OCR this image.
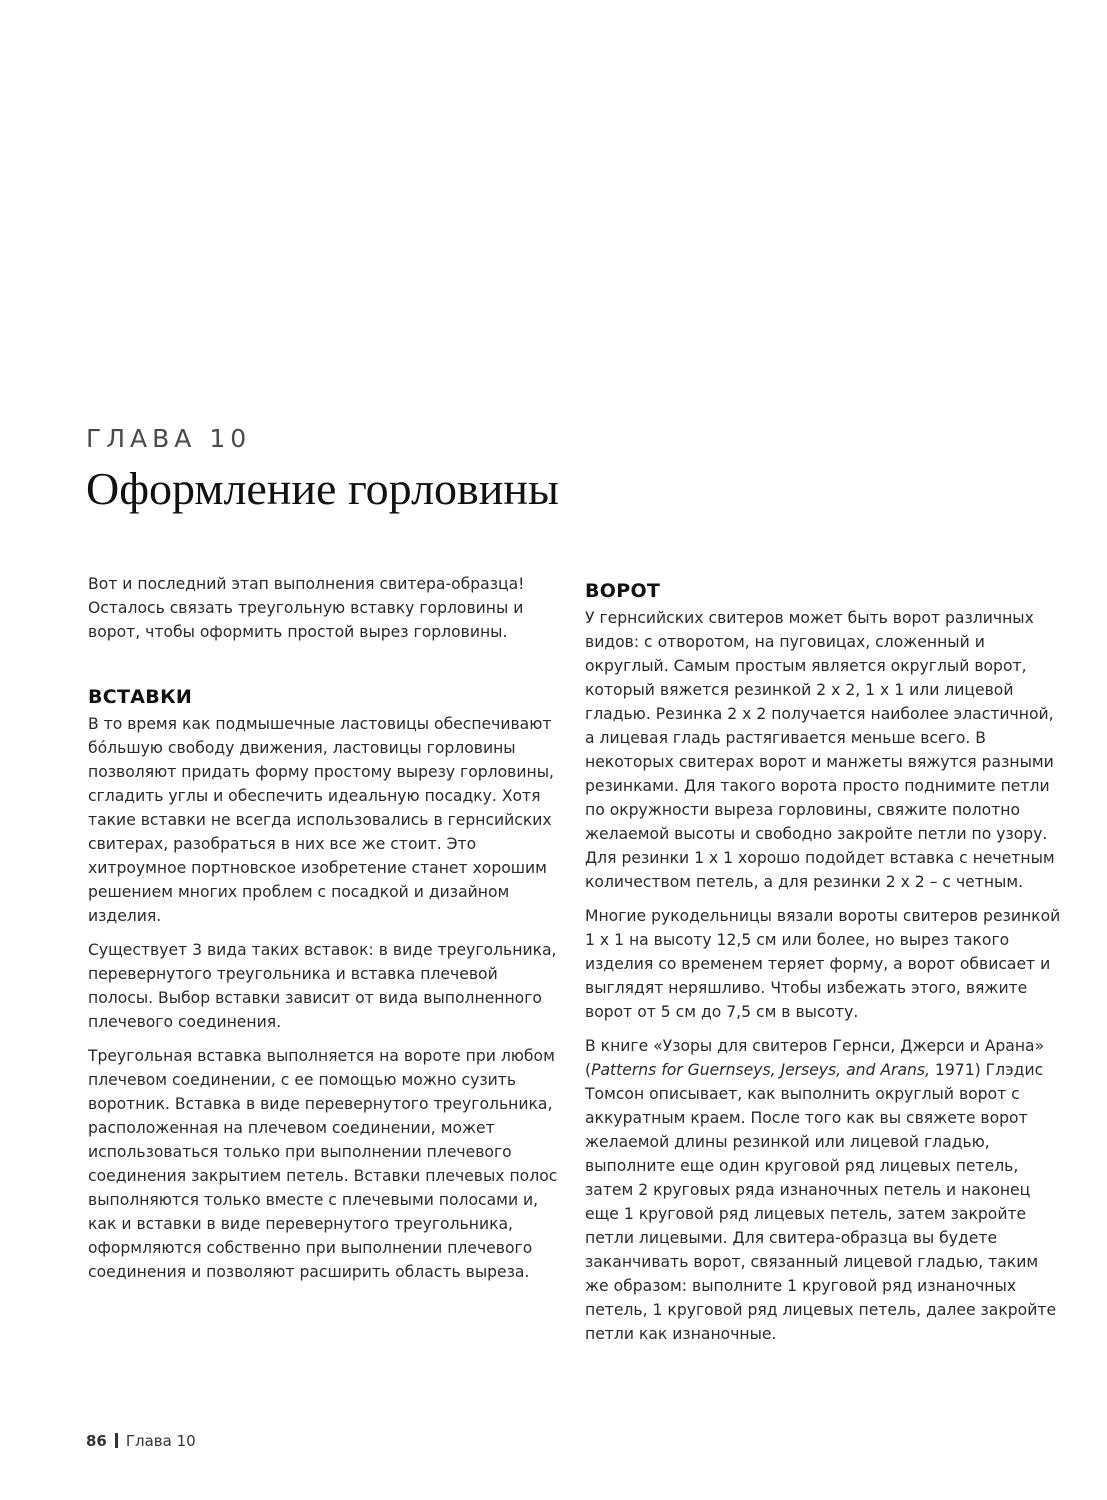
ГЛАВА 10
Оформление горловины

Вот и последний этап выполнения свитера-образца! Осталось связать треугольную вставку горловины и ворот, чтобы оформить простой вырез горловины.

ВСТАВКИ

В то время как подмышечные ластовицы обеспечивают бóльшую свободу движения, ластовицы горловины позволяют придать форму простому вырезу горловины, сгладить углы и обеспечить идеальную посадку. Хотя такие вставки не всегда использовались в гернсийских свитерах, разобраться в них все же стоит. Это хитроумное портновское изобретение станет хорошим решением многих проблем с посадкой и дизайном изделия.

Существует 3 вида таких вставок: в виде треугольника, перевернутого треугольника и вставка плечевой полосы. Выбор вставки зависит от вида выполненного плечевого соединения.

Треугольная вставка выполняется на вороте при любом плечевом соединении, с ее помощью можно сузить воротник. Вставка в виде перевернутого треугольника, расположенная на плечевом соединении, может использоваться только при выполнении плечевого соединения закрытием петель. Вставки плечевых полос выполняются только вместе с плечевыми полосами и, как и вставки в виде перевернутого треугольника, оформляются собственно при выполнении плечевого соединения и позволяют расширить область выреза.

ВОРОТ

У гернсийских свитеров может быть ворот различных видов: с отворотом, на пуговицах, сложенный и округлый. Самым простым является округлый ворот, который вяжется резинкой 2 х 2, 1 х 1 или лицевой гладью. Резинка 2 х 2 получается наиболее эластичной, а лицевая гладь растягивается меньше всего. В некоторых свитерах ворот и манжеты вяжутся разными резинками. Для такого ворота просто поднимите петли по окружности выреза горловины, свяжите полотно желаемой высоты и свободно закройте петли по узору. Для резинки 1 х 1 хорошо подойдет вставка с нечетным количеством петель, а для резинки 2 х 2 – с четным.

Многие рукодельницы вязали вороты свитеров резинкой 1 х 1 на высоту 12,5 см или более, но вырез такого изделия со временем теряет форму, а ворот обвисает и выглядят неряшливо. Чтобы избежать этого, вяжите ворот от 5 см до 7,5 см в высоту.

В книге «Узоры для свитеров Гернси, Джерси и Арана» (Patterns for Guernseys, Jerseys, and Arans, 1971) Глэдис Томсон описывает, как выполнить округлый ворот с аккуратным краем. После того как вы свяжете ворот желаемой длины резинкой или лицевой гладью, выполните еще один круговой ряд лицевых петель, затем 2 круговых ряда изнаночных петель и наконец еще 1 круговой ряд лицевых петель, затем закройте петли лицевыми. Для свитера-образца вы будете заканчивать ворот, связанный лицевой гладью, таким же образом: выполните 1 круговой ряд изнаночных петель, 1 круговой ряд лицевых петель, далее закройте петли как изнаночные.

86 Глава 10
